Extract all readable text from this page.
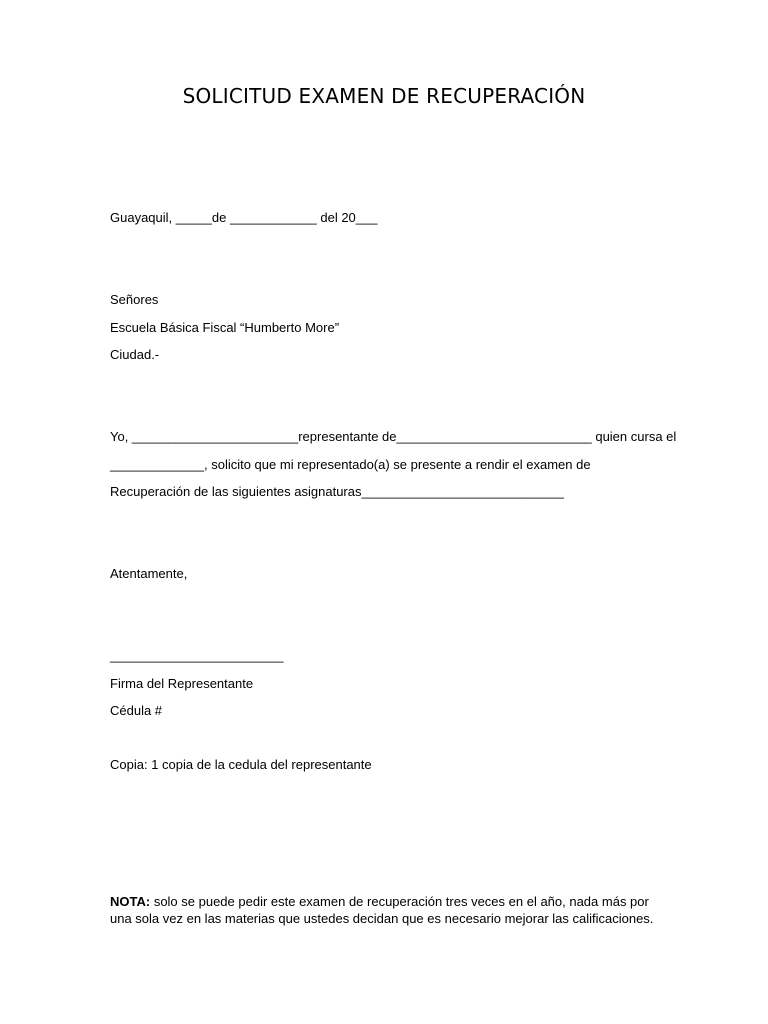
SOLICITUD EXAMEN DE RECUPERACIÓN
Guayaquil, _____de ____________ del 20___
Señores
Escuela Básica Fiscal “Humberto More”
Ciudad.-
Yo, _______________________representante de___________________________ quien cursa el
_____________, solicito que mi representado(a) se presente a rendir el examen de
Recuperación de las siguientes asignaturas____________________________
Atentamente,
________________________
Firma del Representante
Cédula #
Copia: 1 copia de la cedula del representante
NOTA: solo se puede pedir este examen de recuperación tres veces en el año, nada más por una sola vez en las materias que ustedes decidan que es necesario mejorar las calificaciones.
